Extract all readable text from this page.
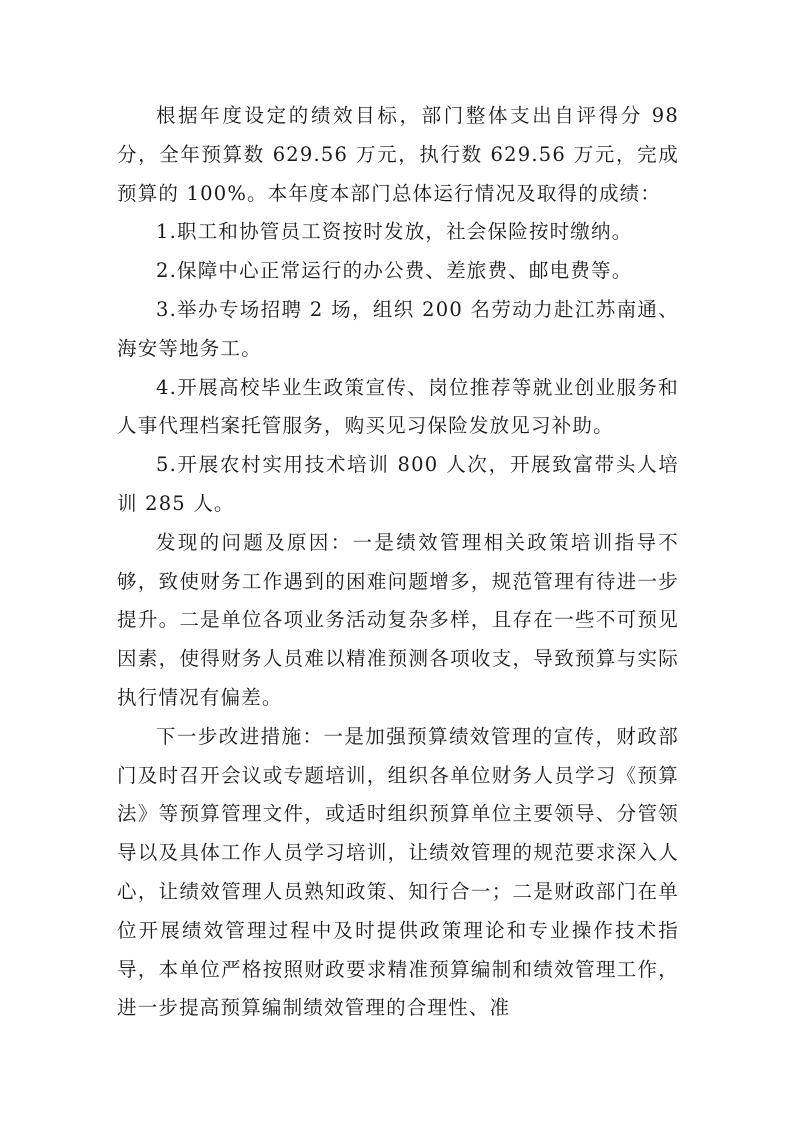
根据年度设定的绩效目标，部门整体支出自评得分 98 分，全年预算数 629.56 万元，执行数 629.56 万元，完成预算的 100%。本年度本部门总体运行情况及取得的成绩：

1.职工和协管员工资按时发放，社会保险按时缴纳。

2.保障中心正常运行的办公费、差旅费、邮电费等。

3.举办专场招聘 2 场，组织 200 名劳动力赴江苏南通、海安等地务工。

4.开展高校毕业生政策宣传、岗位推荐等就业创业服务和人事代理档案托管服务，购买见习保险发放见习补助。

5.开展农村实用技术培训 800 人次，开展致富带头人培训 285 人。

发现的问题及原因：一是绩效管理相关政策培训指导不够，致使财务工作遇到的困难问题增多，规范管理有待进一步提升。二是单位各项业务活动复杂多样，且存在一些不可预见因素，使得财务人员难以精准预测各项收支，导致预算与实际执行情况有偏差。

下一步改进措施：一是加强预算绩效管理的宣传，财政部门及时召开会议或专题培训，组织各单位财务人员学习《预算法》等预算管理文件，或适时组织预算单位主要领导、分管领导以及具体工作人员学习培训，让绩效管理的规范要求深入人心，让绩效管理人员熟知政策、知行合一；二是财政部门在单位开展绩效管理过程中及时提供政策理论和专业操作技术指导，本单位严格按照财政要求精准预算编制和绩效管理工作，进一步提高预算编制绩效管理的合理性、准
